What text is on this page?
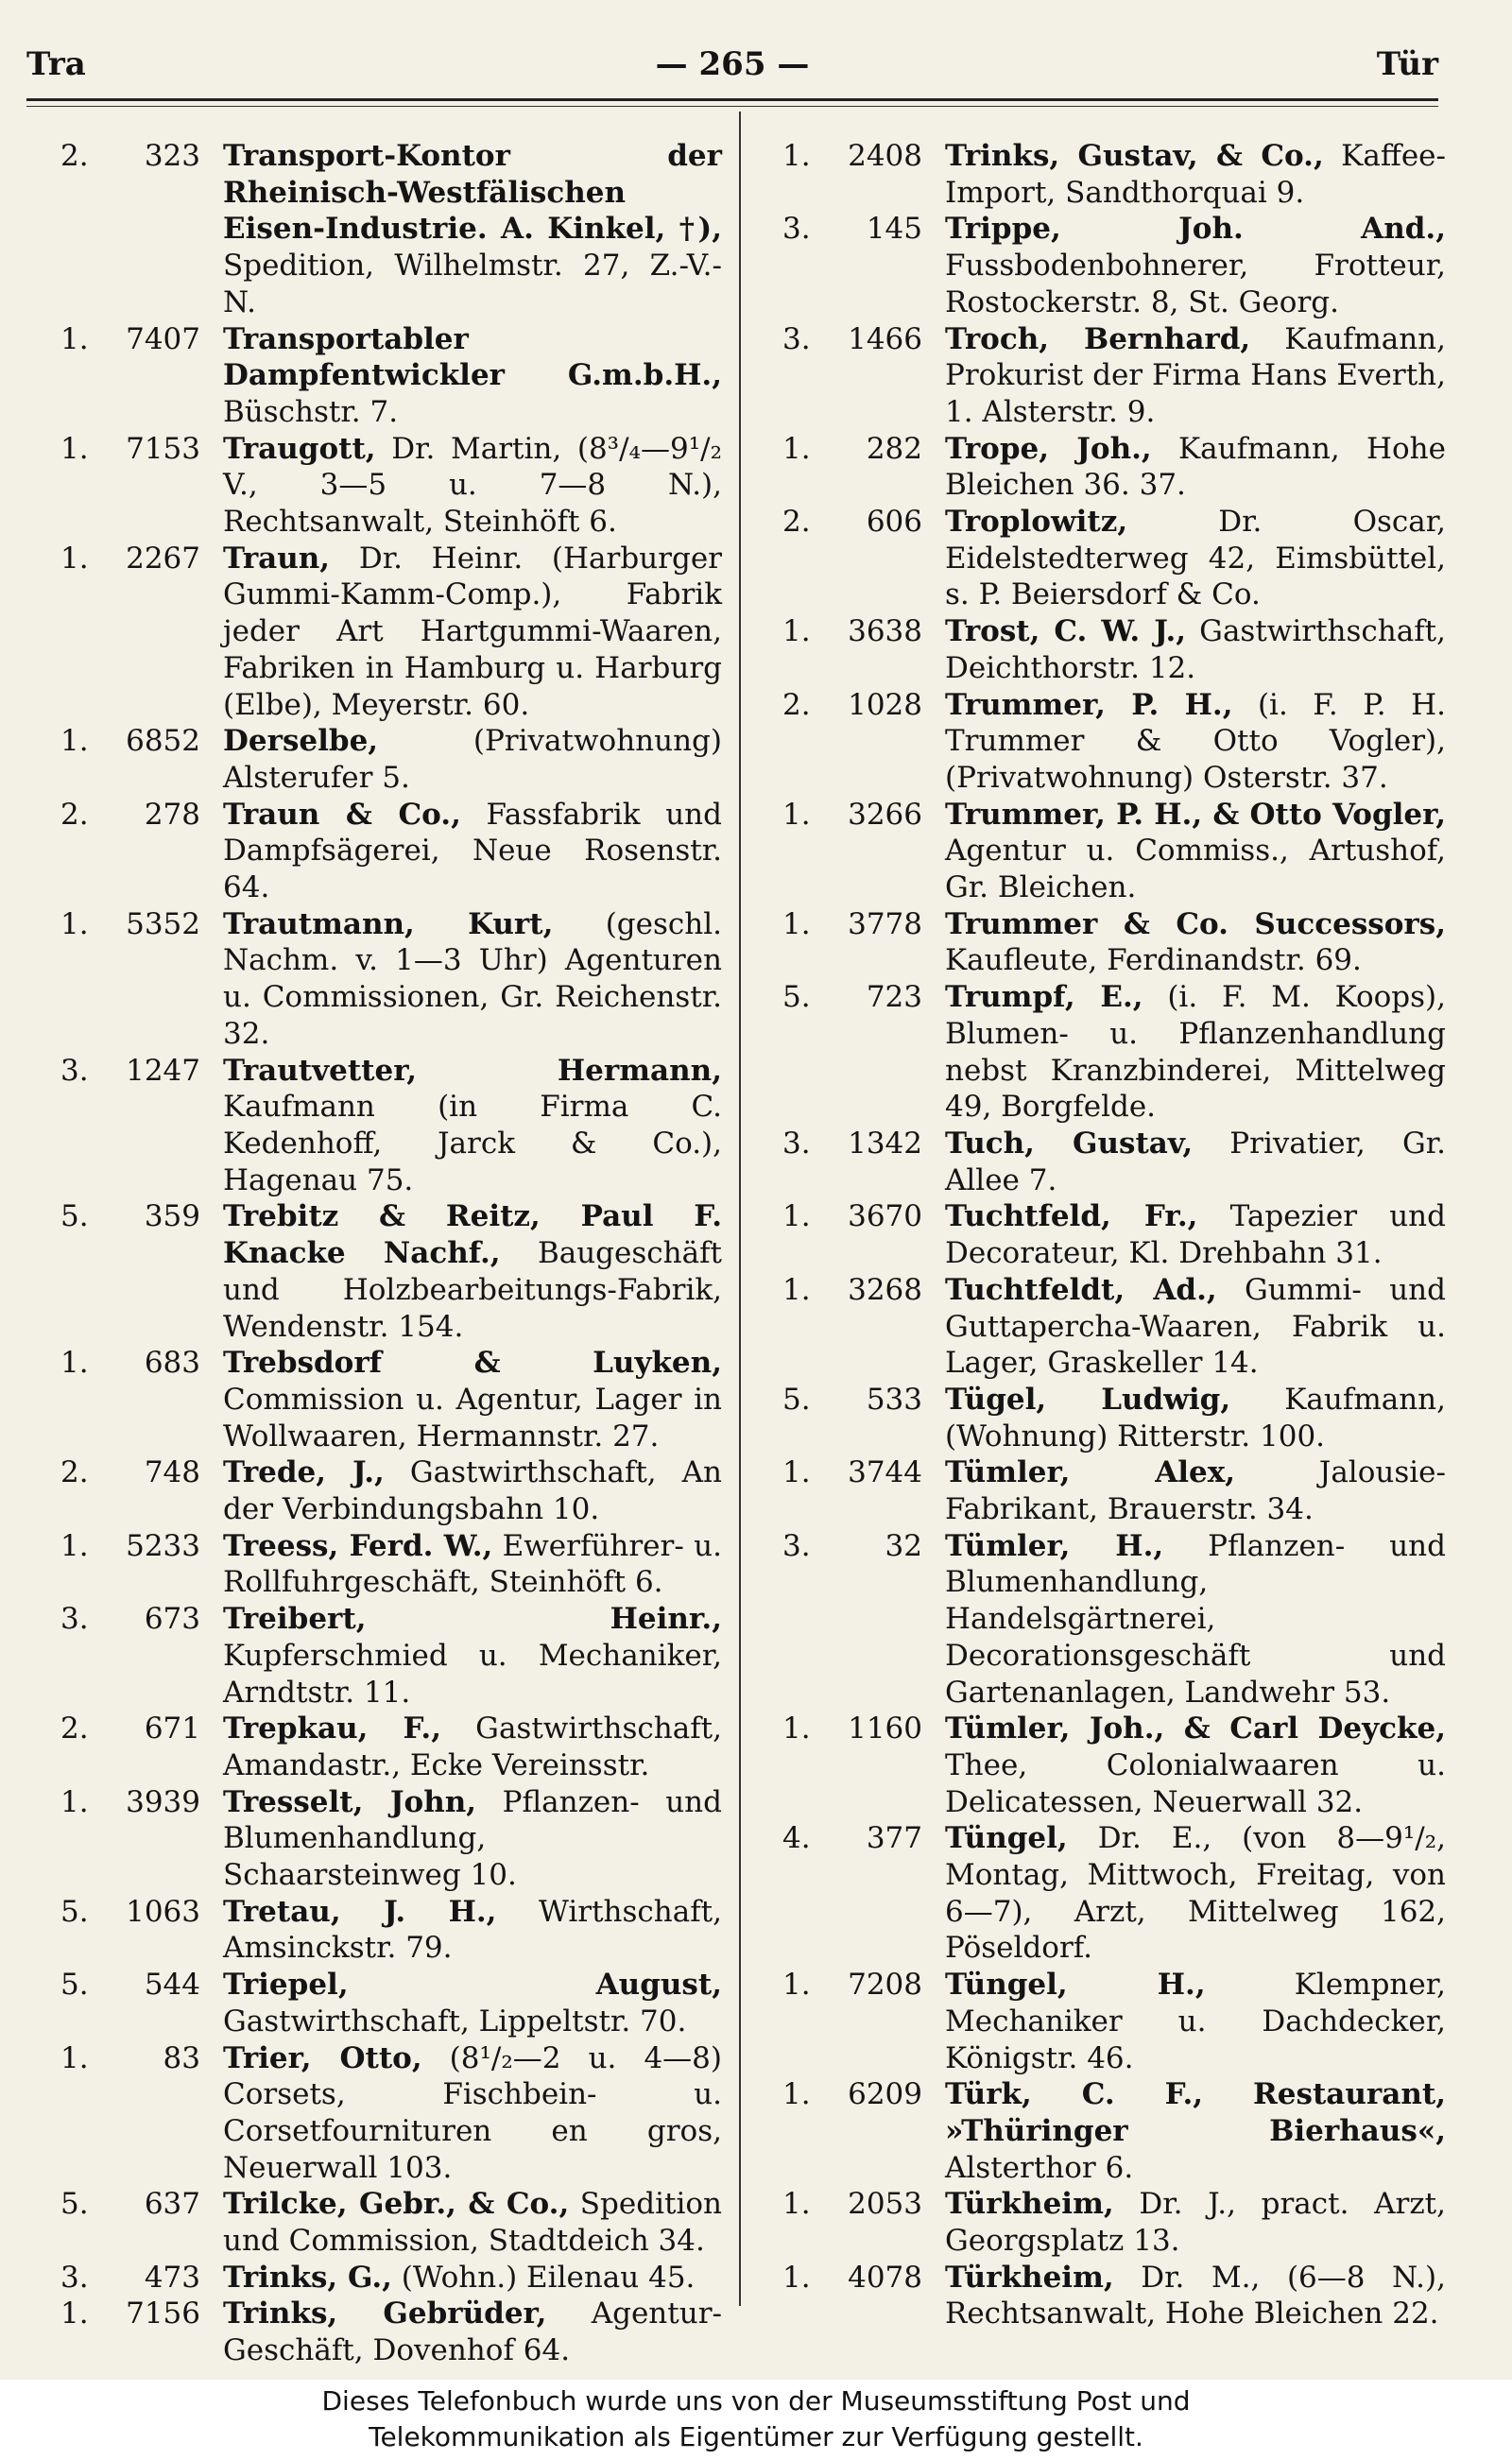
Tra	— 265 —	Tür
2.	323 Transport-Kontor der Rheinisch-Westfälischen Eisen-Industrie. A. Kinkel, †), Spedition, Wilhelmstr. 27, Z.-V.-N.
1.	7407 Transportabler Dampfentwickler G.m.b.H., Büschstr. 7.
1.	7153 Traugott, Dr. Martin, (8³/₄—9¹/₂ V., 3—5 u. 7—8 N.), Rechtsanwalt, Steinhöft 6.
1.	2267 Traun, Dr. Heinr. (Harburger Gummi-Kamm-Comp.), Fabrik jeder Art Hartgummi-Waaren, Fabriken in Hamburg u. Harburg (Elbe), Meyerstr. 60.
1.	6852 Derselbe, (Privatwohnung) Alsterufer 5.
2.	278 Traun & Co., Fassfabrik und Dampfsägerei, Neue Rosenstr. 64.
1.	5352 Trautmann, Kurt, (geschl. Nachm. v. 1—3 Uhr) Agenturen u. Commissionen, Gr. Reichenstr. 32.
3.	1247 Trautvetter, Hermann, Kaufmann (in Firma C. Kedenhoff, Jarck & Co.), Hagenau 75.
5.	359 Trebitz & Reitz, Paul F. Knacke Nachf., Baugeschäft und Holzbearbeitungs-Fabrik, Wendenstr. 154.
1.	683 Trebsdorf & Luyken, Commission u. Agentur, Lager in Wollwaaren, Hermannstr. 27.
2.	748 Trede, J., Gastwirthschaft, An der Verbindungsbahn 10.
1.	5233 Treess, Ferd. W., Ewerführer- u. Rollfuhrgeschäft, Steinhöft 6.
3.	673 Treibert, Heinr., Kupferschmied u. Mechaniker, Arndtstr. 11.
2.	671 Trepkau, F., Gastwirthschaft, Amandastr., Ecke Vereinsstr.
1.	3939 Tresselt, John, Pflanzen- und Blumenhandlung, Schaarsteinweg 10.
5.	1063 Tretau, J. H., Wirthschaft, Amsinckstr. 79.
5.	544 Triepel, August, Gastwirthschaft, Lippeltstr. 70.
1.	83 Trier, Otto, (8¹/₂—2 u. 4—8) Corsets, Fischbein- u. Corsetfournituren en gros, Neuerwall 103.
5.	637 Trilcke, Gebr., & Co., Spedition und Commission, Stadtdeich 34.
3.	473 Trinks, G., (Wohn.) Eilenau 45.
1.	7156 Trinks, Gebrüder, Agentur-Geschäft, Dovenhof 64.
1.	2408 Trinks, Gustav, & Co., Kaffee-Import, Sandthorquai 9.
3.	145 Trippe, Joh. And., Fussbodenbohnerer, Frotteur, Rostockerstr. 8, St. Georg.
3.	1466 Troch, Bernhard, Kaufmann, Prokurist der Firma Hans Everth, 1. Alsterstr. 9.
1.	282 Trope, Joh., Kaufmann, Hohe Bleichen 36. 37.
2.	606 Troplowitz, Dr. Oscar, Eidelstedterweg 42, Eimsbüttel, s. P. Beiersdorf & Co.
1.	3638 Trost, C. W. J., Gastwirthschaft, Deichthorstr. 12.
2.	1028 Trummer, P. H., (i. F. P. H. Trummer & Otto Vogler), (Privatwohnung) Osterstr. 37.
1.	3266 Trummer, P. H., & Otto Vogler, Agentur u. Commiss., Artushof, Gr. Bleichen.
1.	3778 Trummer & Co. Successors, Kaufleute, Ferdinandstr. 69.
5.	723 Trumpf, E., (i. F. M. Koops), Blumen- u. Pflanzenhandlung nebst Kranzbinderei, Mittelweg 49, Borgfelde.
3.	1342 Tuch, Gustav, Privatier, Gr. Allee 7.
1.	3670 Tuchtfeld, Fr., Tapezier und Decorateur, Kl. Drehbahn 31.
1.	3268 Tuchtfeldt, Ad., Gummi- und Guttapercha-Waaren, Fabrik u. Lager, Graskeller 14.
5.	533 Tügel, Ludwig, Kaufmann, (Wohnung) Ritterstr. 100.
1.	3744 Tümler, Alex, Jalousie-Fabrikant, Brauerstr. 34.
3.	32 Tümler, H., Pflanzen- und Blumenhandlung, Handelsgärtnerei, Decorationsgeschäft und Gartenanlagen, Landwehr 53.
1.	1160 Tümler, Joh., & Carl Deycke, Thee, Colonialwaaren u. Delicatessen, Neuerwall 32.
4.	377 Tüngel, Dr. E., (von 8—9¹/₂, Montag, Mittwoch, Freitag, von 6—7), Arzt, Mittelweg 162, Pöseldorf.
1.	7208 Tüngel, H., Klempner, Mechaniker u. Dachdecker, Königstr. 46.
1.	6209 Türk, C. F., Restaurant, »Thüringer Bierhaus«, Alsterthor 6.
1.	2053 Türkheim, Dr. J., pract. Arzt, Georgsplatz 13.
1.	4078 Türkheim, Dr. M., (6—8 N.), Rechtsanwalt, Hohe Bleichen 22.
Dieses Telefonbuch wurde uns von der Museumsstiftung Post und
Telekommunikation als Eigentümer zur Verfügung gestellt.
